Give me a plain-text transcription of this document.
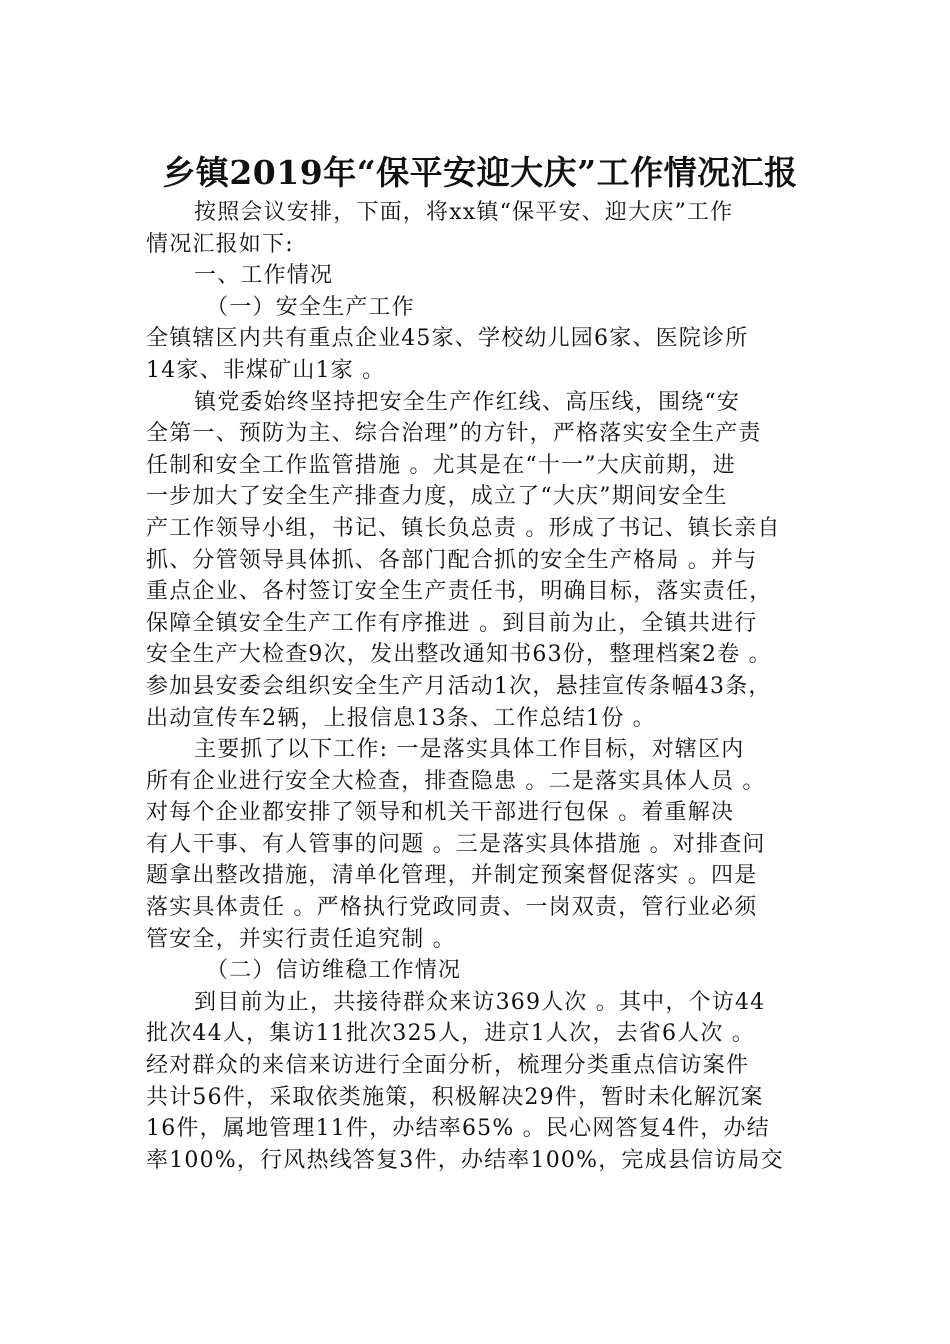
乡镇2019年“保平安迎大庆”工作情况汇报
按照会议安排，下面，将xx镇“保平安、迎大庆”工作
情况汇报如下:
一、工作情况
（一）安全生产工作
全镇辖区内共有重点企业45家、学校幼儿园6家、医院诊所
14家、非煤矿山1家 。
镇党委始终坚持把安全生产作红线、高压线，围绕“安
全第一、预防为主、综合治理”的方针，严格落实安全生产责
任制和安全工作监管措施 。尤其是在“十一”大庆前期，进
一步加大了安全生产排查力度，成立了“大庆”期间安全生
产工作领导小组，书记、镇长负总责 。形成了书记、镇长亲自
抓、分管领导具体抓、各部门配合抓的安全生产格局 。并与
重点企业、各村签订安全生产责任书，明确目标，落实责任，
保障全镇安全生产工作有序推进 。到目前为止，全镇共进行
安全生产大检查9次，发出整改通知书63份，整理档案2卷 。
参加县安委会组织安全生产月活动1次，悬挂宣传条幅43条，
出动宣传车2辆，上报信息13条、工作总结1份 。
主要抓了以下工作: 一是落实具体工作目标，对辖区内
所有企业进行安全大检查，排查隐患 。二是落实具体人员 。
对每个企业都安排了领导和机关干部进行包保 。着重解决
有人干事、有人管事的问题 。三是落实具体措施 。对排查问
题拿出整改措施，清单化管理，并制定预案督促落实 。四是
落实具体责任 。严格执行党政同责、一岗双责，管行业必须
管安全，并实行责任追究制 。
（二）信访维稳工作情况
到目前为止，共接待群众来访369人次 。其中，个访44
批次44人，集访11批次325人，进京1人次，去省6人次 。
经对群众的来信来访进行全面分析，梳理分类重点信访案件
共计56件，采取依类施策，积极解决29件，暂时未化解沉案
16件，属地管理11件，办结率65% 。民心网答复4件，办结
率100%，行风热线答复3件，办结率100%，完成县信访局交
